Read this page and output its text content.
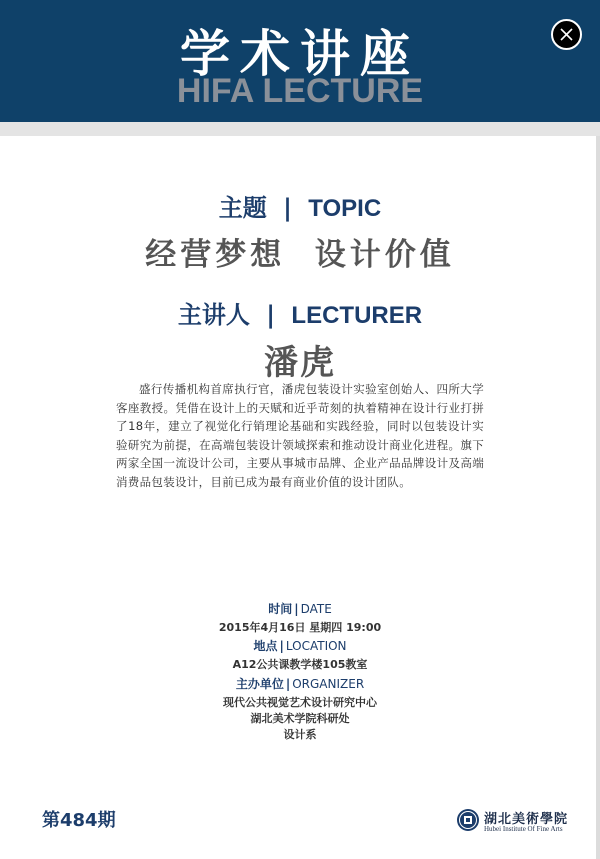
学术讲座
HIFA LECTURE
主题 | TOPIC
经营梦想  设计价值
主讲人 | LECTURER
潘虎
盛行传播机构首席执行官，潘虎包装设计实验室创始人、四所大学客座教授。凭借在设计上的天赋和近乎苛刻的执着精神在设计行业打拼了18年，建立了视觉化行销理论基础和实践经验，同时以包装设计实验研究为前提，在高端包装设计领域探索和推动设计商业化进程。旗下两家全国一流设计公司，主要从事城市品牌、企业产品品牌设计及高端消费品包装设计，目前已成为最有商业价值的设计团队。
时间 | DATE
2015年4月16日 星期四 19:00
地点 | LOCATION
A12公共课教学楼105教室
主办单位 | ORGANIZER
现代公共视觉艺术设计研究中心
湖北美术学院科研处
设计系
第484期	湖北美術學院
Hubei Institute Of Fine Arts
